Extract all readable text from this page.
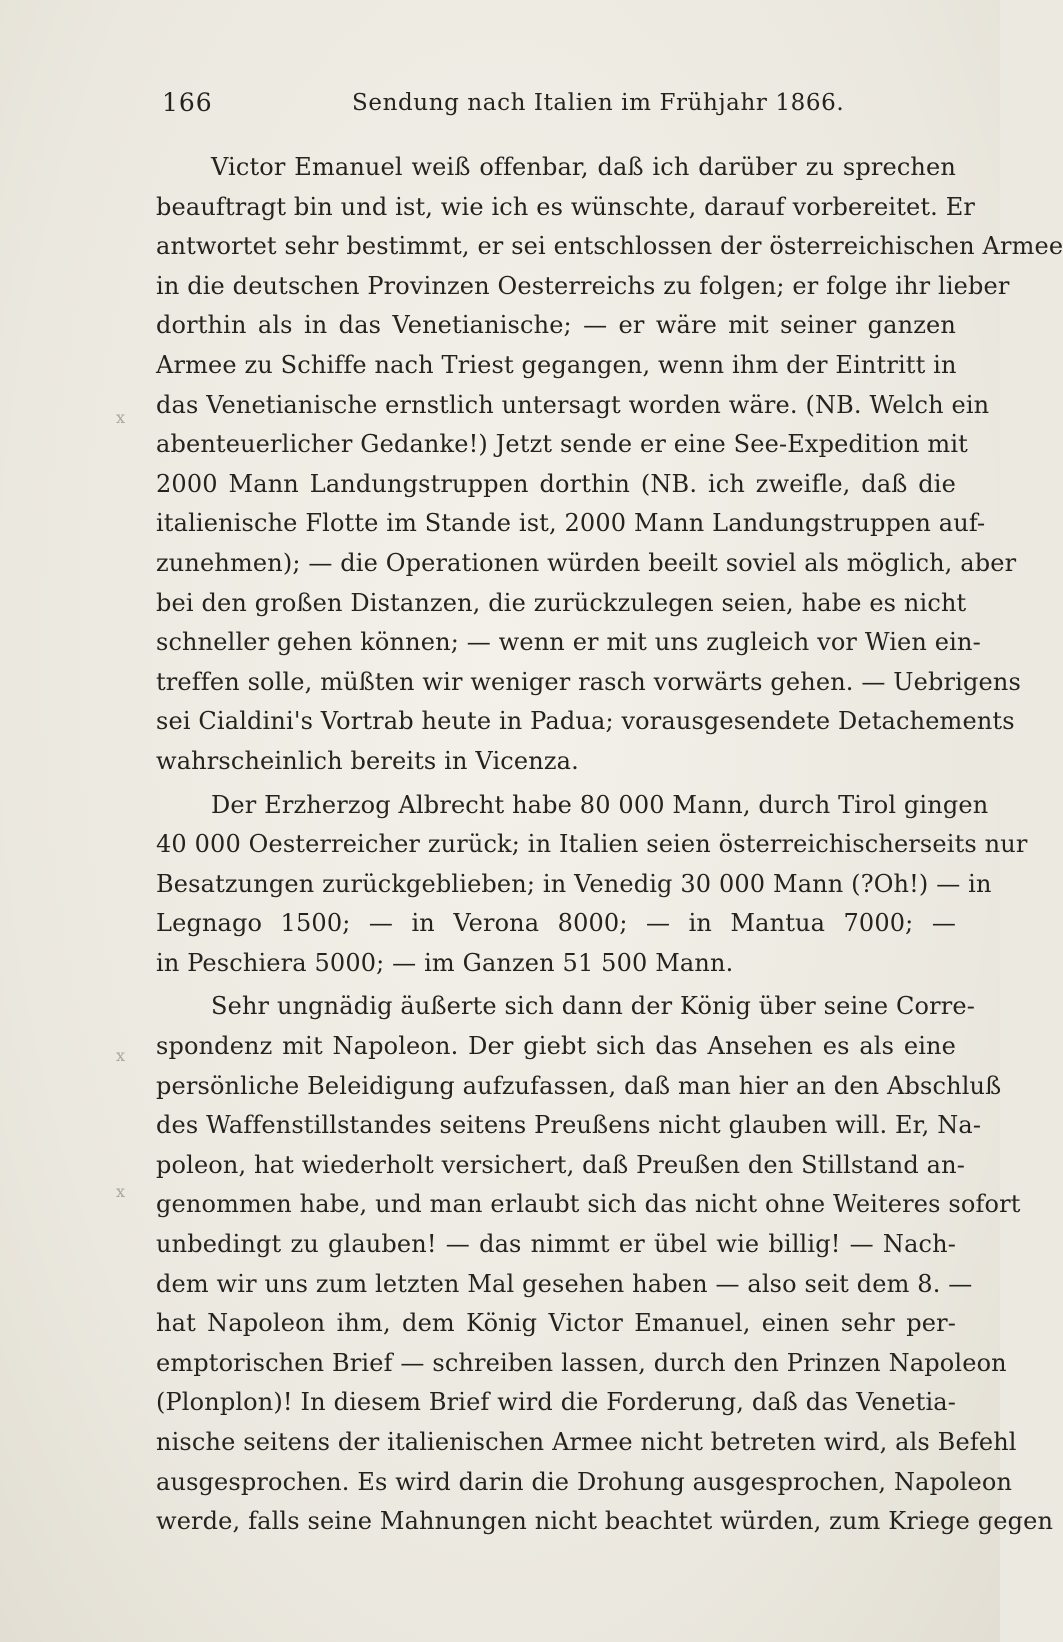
166	Sendung nach Italien im Frühjahr 1866.
x
x
x
Victor Emanuel weiß offenbar, daß ich darüber zu sprechen
beauftragt bin und ist, wie ich es wünschte, darauf vorbereitet. Er
antwortet sehr bestimmt, er sei entschlossen der österreichischen Armee
in die deutschen Provinzen Oesterreichs zu folgen; er folge ihr lieber
dorthin als in das Venetianische; — er wäre mit seiner ganzen
Armee zu Schiffe nach Triest gegangen, wenn ihm der Eintritt in
das Venetianische ernstlich untersagt worden wäre. (NB. Welch ein
abenteuerlicher Gedanke!) Jetzt sende er eine See-Expedition mit
2000 Mann Landungstruppen dorthin (NB. ich zweifle, daß die
italienische Flotte im Stande ist, 2000 Mann Landungstruppen auf-
zunehmen); — die Operationen würden beeilt soviel als möglich, aber
bei den großen Distanzen, die zurückzulegen seien, habe es nicht
schneller gehen können; — wenn er mit uns zugleich vor Wien ein-
treffen solle, müßten wir weniger rasch vorwärts gehen. — Uebrigens
sei Cialdini's Vortrab heute in Padua; vorausgesendete Detachements
wahrscheinlich bereits in Vicenza.
Der Erzherzog Albrecht habe 80 000 Mann, durch Tirol gingen
40 000 Oesterreicher zurück; in Italien seien österreichischerseits nur
Besatzungen zurückgeblieben; in Venedig 30 000 Mann (?Oh!) — in
Legnago 1500; — in Verona 8000; — in Mantua 7000; —
in Peschiera 5000; — im Ganzen 51 500 Mann.
Sehr ungnädig äußerte sich dann der König über seine Corre-
spondenz mit Napoleon. Der giebt sich das Ansehen es als eine
persönliche Beleidigung aufzufassen, daß man hier an den Abschluß
des Waffenstillstandes seitens Preußens nicht glauben will. Er, Na-
poleon, hat wiederholt versichert, daß Preußen den Stillstand an-
genommen habe, und man erlaubt sich das nicht ohne Weiteres sofort
unbedingt zu glauben! — das nimmt er übel wie billig! — Nach-
dem wir uns zum letzten Mal gesehen haben — also seit dem 8. —
hat Napoleon ihm, dem König Victor Emanuel, einen sehr per-
emptorischen Brief — schreiben lassen, durch den Prinzen Napoleon
(Plonplon)! In diesem Brief wird die Forderung, daß das Venetia-
nische seitens der italienischen Armee nicht betreten wird, als Befehl
ausgesprochen. Es wird darin die Drohung ausgesprochen, Napoleon
werde, falls seine Mahnungen nicht beachtet würden, zum Kriege gegen
